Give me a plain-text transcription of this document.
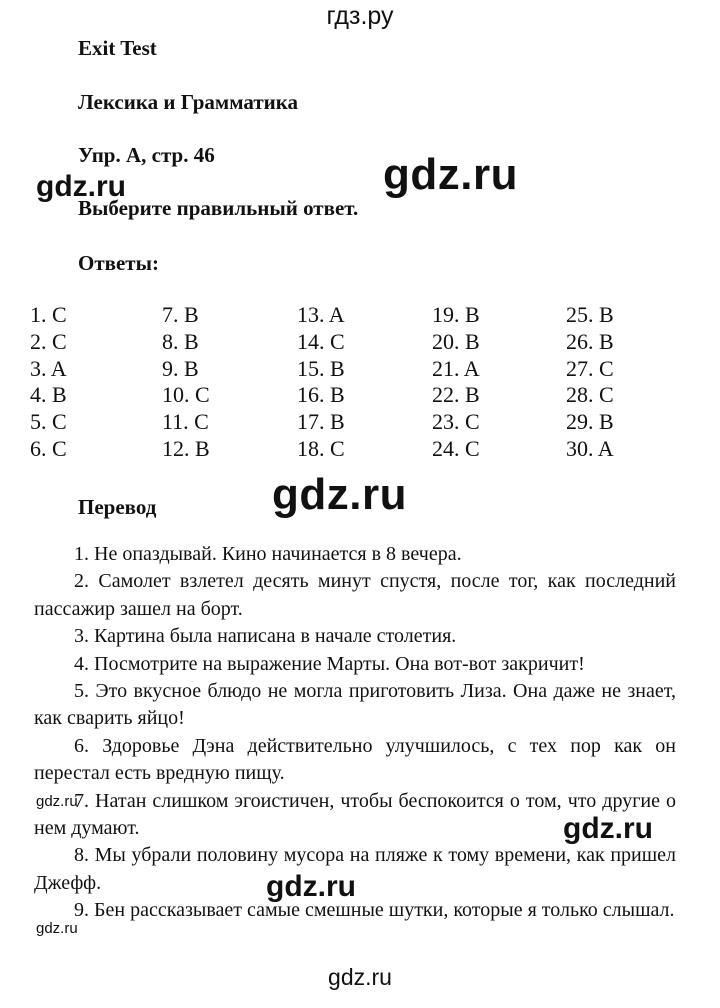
гдз.ру
Exit Test
Лексика и Грамматика
Упр. A, стр. 46
Выберите правильный ответ.
Ответы:
1. C
2. C
3. A
4. B
5. C
6. C
7. B
8. B
9. B
10. C
11. C
12. B
13. A
14. C
15. B
16. B
17. B
18. C
19. B
20. B
21. A
22. B
23. C
24. C
25. B
26. B
27. C
28. C
29. B
30. A
Перевод

1. Не опаздывай. Кино начинается в 8 вечера.

2. Самолет взлетел десять минут спустя, после тог, как последний пассажир зашел на борт.

3. Картина была написана в начале столетия.

4. Посмотрите на выражение Марты. Она вот-вот закричит!

5. Это вкусное блюдо не могла приготовить Лиза. Она даже не знает, как сварить яйцо!

6. Здоровье Дэна действительно улучшилось, с тех пор как он перестал есть вредную пищу.

7. Натан слишком эгоистичен, чтобы беспокоится о том, что другие о нем думают.

8. Мы убрали половину мусора на пляже к тому времени, как пришел Джефф.

9. Бен рассказывает самые смешные шутки, которые я только слышал.

gdz.ru
gdz.ru
gdz.ru
gdz.ru
gdz.ru
gdz.ru
gdz.ru
gdz.ru
